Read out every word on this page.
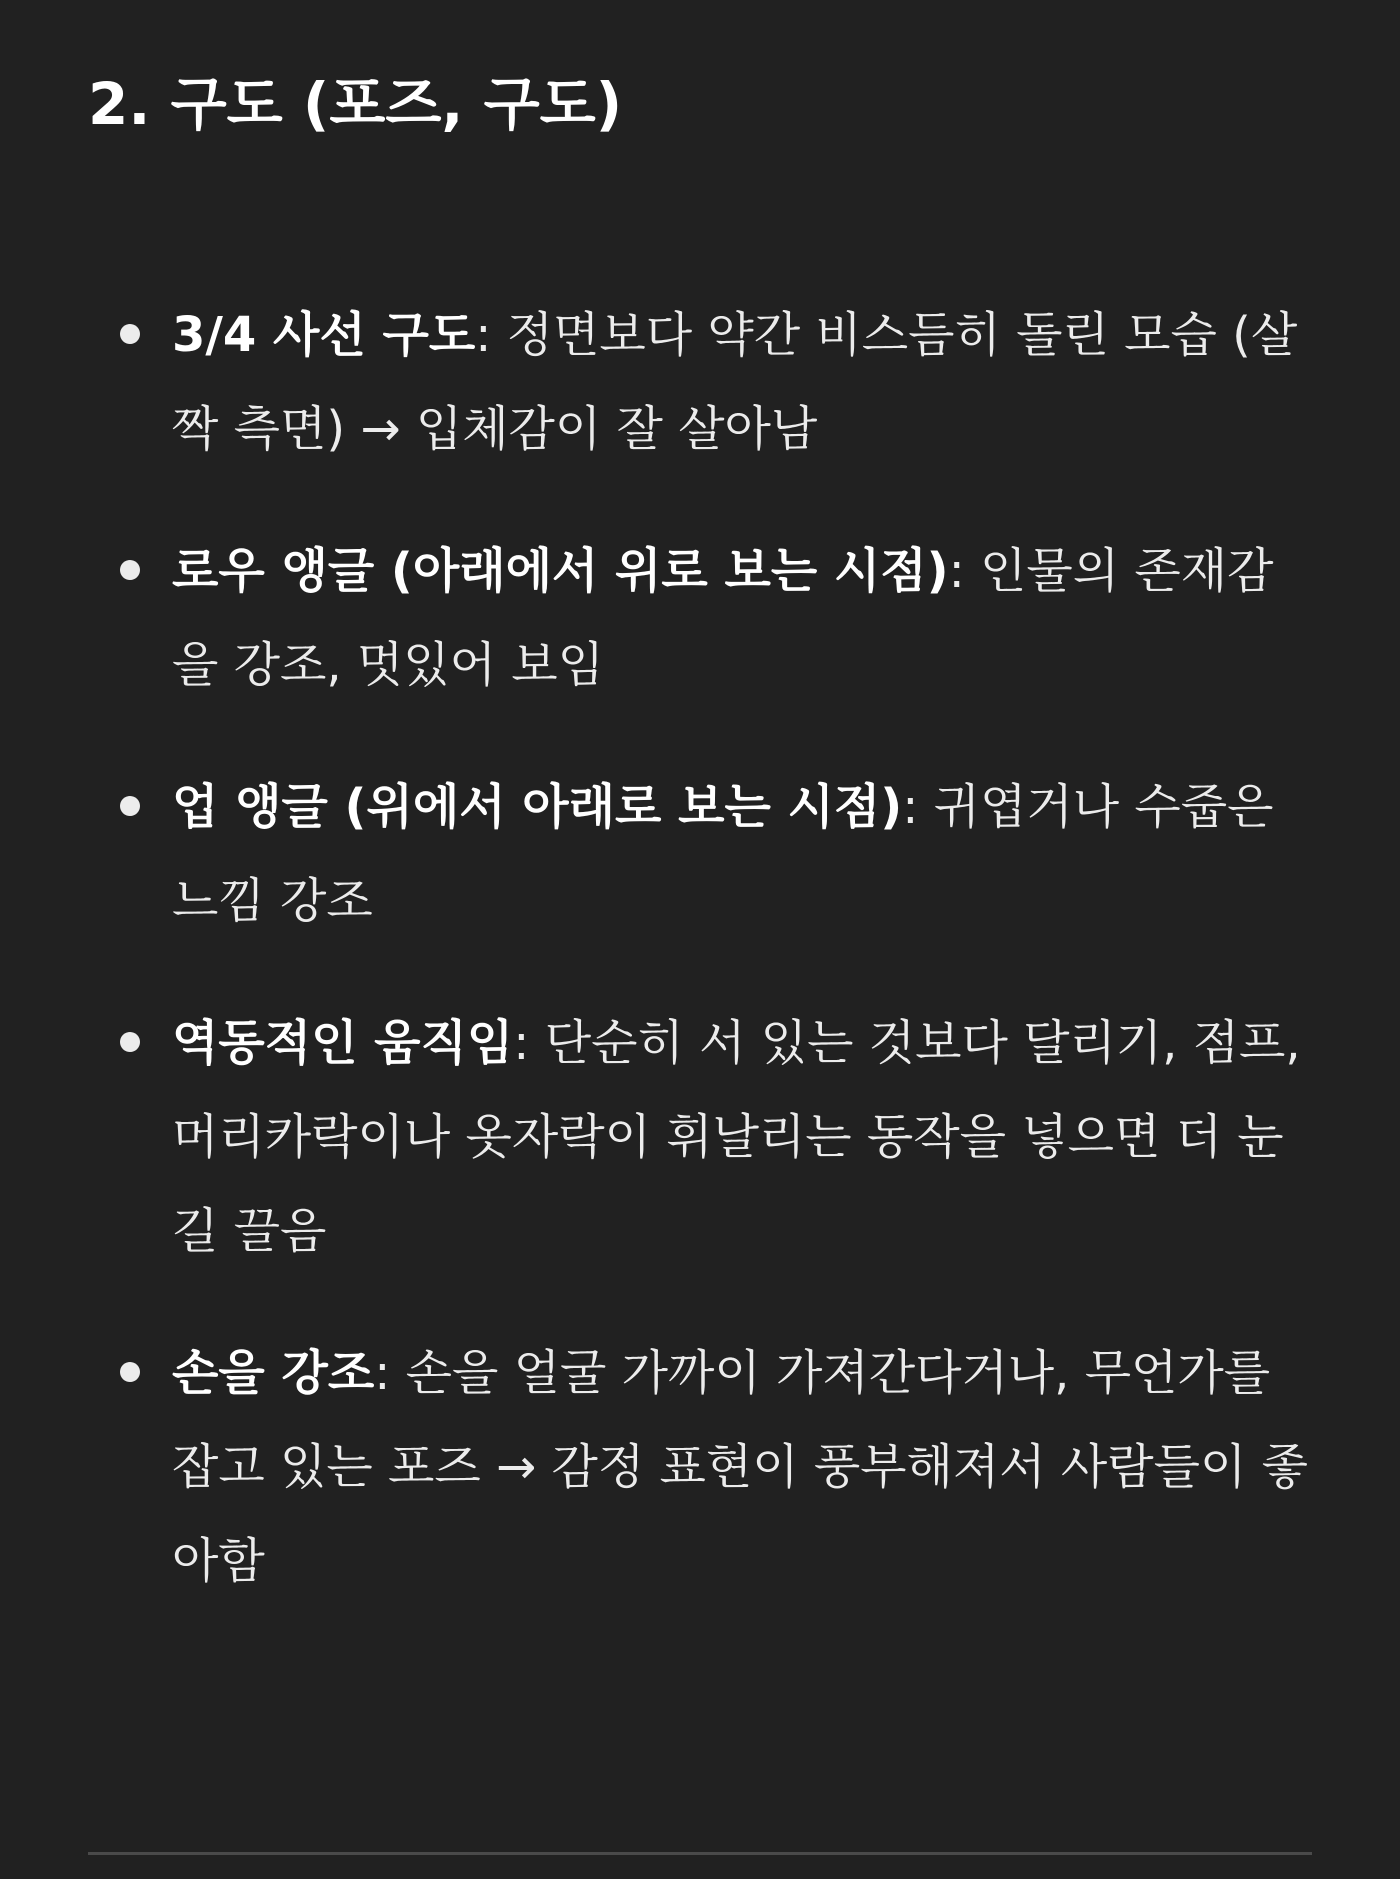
2. 구도 (포즈, 구도)
3/4 사선 구도: 정면보다 약간 비스듬히 돌린 모습 (살짝 측면) → 입체감이 잘 살아남
로우 앵글 (아래에서 위로 보는 시점): 인물의 존재감을 강조, 멋있어 보임
업 앵글 (위에서 아래로 보는 시점): 귀엽거나 수줍은 느낌 강조
역동적인 움직임: 단순히 서 있는 것보다 달리기, 점프, 머리카락이나 옷자락이 휘날리는 동작을 넣으면 더 눈길 끌음
손을 강조: 손을 얼굴 가까이 가져간다거나, 무언가를 잡고 있는 포즈 → 감정 표현이 풍부해져서 사람들이 좋아함
